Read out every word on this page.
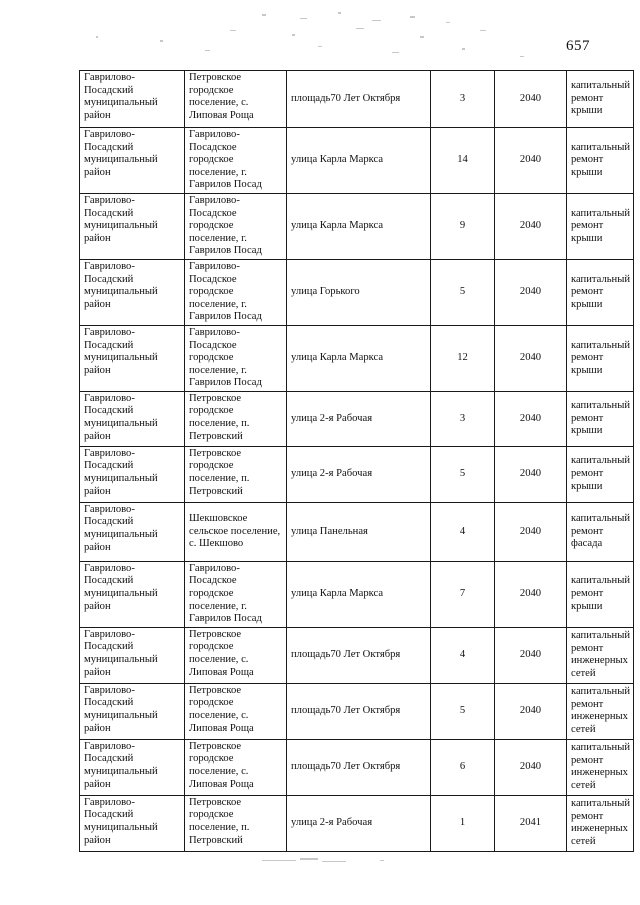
657
Гаврилово-
Посадский
муниципальный
район	Петровское
городское
поселение, с.
Липовая Роща	площадь70 Лет Октября	3	2040	капитальный
ремонт крыши

Гаврилово-
Посадский
муниципальный
район	Гаврилово-
Посадское
городское
поселение, г.
Гаврилов Посад	улица Карла Маркса	14	2040	капитальный
ремонт крыши

Гаврилово-
Посадский
муниципальный
район	Гаврилово-
Посадское
городское
поселение, г.
Гаврилов Посад	улица Карла Маркса	9	2040	капитальный
ремонт крыши

Гаврилово-
Посадский
муниципальный
район	Гаврилово-
Посадское
городское
поселение, г.
Гаврилов Посад	улица Горького	5	2040	капитальный
ремонт крыши

Гаврилово-
Посадский
муниципальный
район	Гаврилово-
Посадское
городское
поселение, г.
Гаврилов Посад	улица Карла Маркса	12	2040	капитальный
ремонт крыши

Гаврилово-
Посадский
муниципальный
район	Петровское
городское
поселение, п.
Петровский	улица 2-я Рабочая	3	2040	капитальный
ремонт крыши

Гаврилово-
Посадский
муниципальный
район	Петровское
городское
поселение, п.
Петровский	улица 2-я Рабочая	5	2040	капитальный
ремонт крыши

Гаврилово-
Посадский
муниципальный
район	Шекшовское
сельское поселение,
с. Шекшово	улица Панельная	4	2040	капитальный
ремонт фасада

Гаврилово-
Посадский
муниципальный
район	Гаврилово-
Посадское
городское
поселение, г.
Гаврилов Посад	улица Карла Маркса	7	2040	капитальный
ремонт крыши

Гаврилово-
Посадский
муниципальный
район	Петровское
городское
поселение, с.
Липовая Роща	площадь70 Лет Октября	4	2040	капитальный
ремонт
инженерных
сетей

Гаврилово-
Посадский
муниципальный
район	Петровское
городское
поселение, с.
Липовая Роща	площадь70 Лет Октября	5	2040	капитальный
ремонт
инженерных
сетей

Гаврилово-
Посадский
муниципальный
район	Петровское
городское
поселение, с.
Липовая Роща	площадь70 Лет Октября	6	2040	капитальный
ремонт
инженерных
сетей

Гаврилово-
Посадский
муниципальный
район	Петровское
городское
поселение, п.
Петровский	улица 2-я Рабочая	1	2041	капитальный
ремонт
инженерных
сетей
